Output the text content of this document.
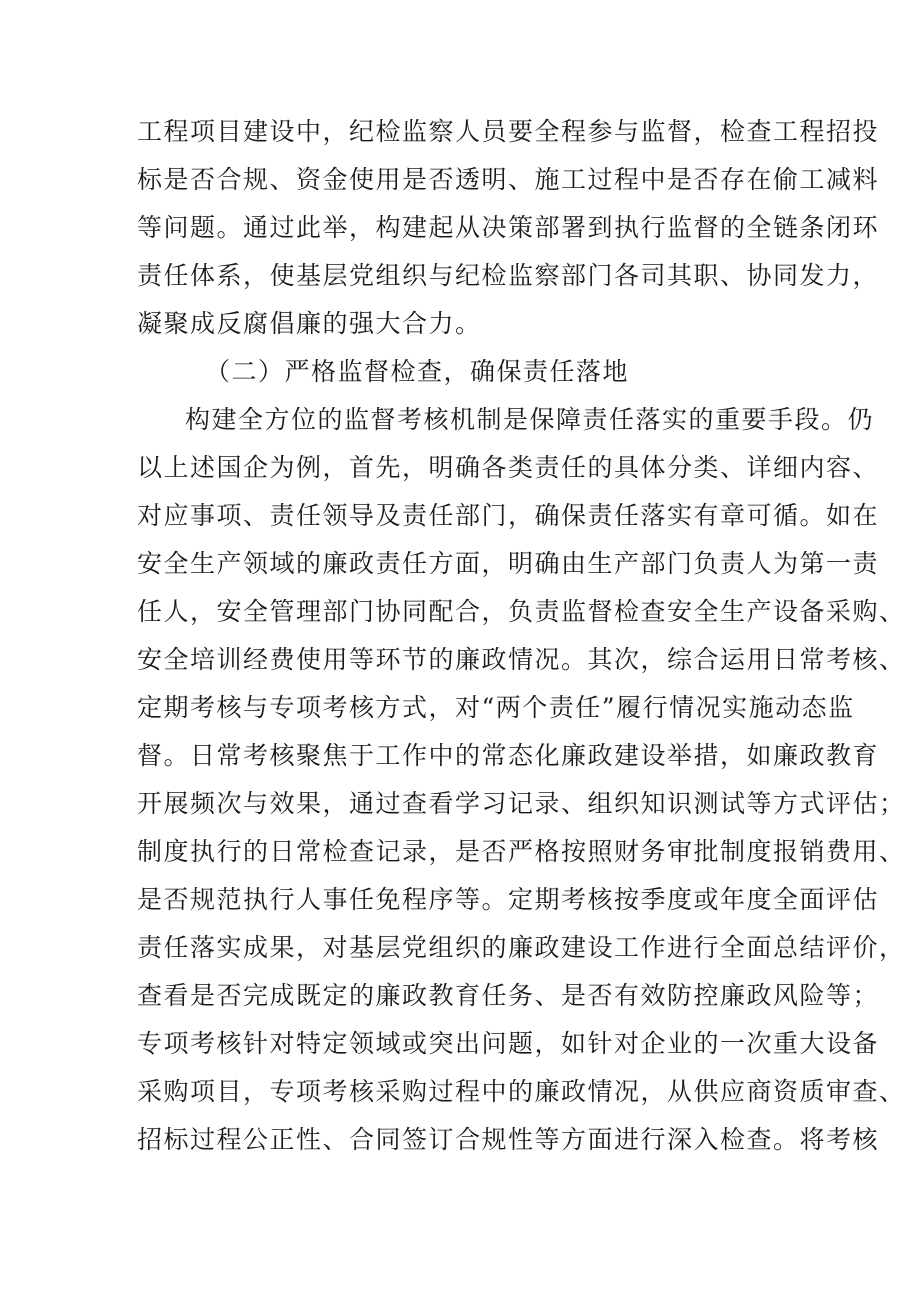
工程项目建设中，纪检监察人员要全程参与监督，检查工程招投
标是否合规、资金使用是否透明、施工过程中是否存在偷工减料
等问题。通过此举，构建起从决策部署到执行监督的全链条闭环
责任体系，使基层党组织与纪检监察部门各司其职、协同发力，
凝聚成反腐倡廉的强大合力。
（二）严格监督检查，确保责任落地
构建全方位的监督考核机制是保障责任落实的重要手段。仍
以上述国企为例，首先，明确各类责任的具体分类、详细内容、
对应事项、责任领导及责任部门，确保责任落实有章可循。如在
安全生产领域的廉政责任方面，明确由生产部门负责人为第一责
任人，安全管理部门协同配合，负责监督检查安全生产设备采购、
安全培训经费使用等环节的廉政情况。其次，综合运用日常考核、
定期考核与专项考核方式，对“两个责任”履行情况实施动态监
督。日常考核聚焦于工作中的常态化廉政建设举措，如廉政教育
开展频次与效果，通过查看学习记录、组织知识测试等方式评估；
制度执行的日常检查记录，是否严格按照财务审批制度报销费用、
是否规范执行人事任免程序等。定期考核按季度或年度全面评估
责任落实成果，对基层党组织的廉政建设工作进行全面总结评价，
查看是否完成既定的廉政教育任务、是否有效防控廉政风险等；
专项考核针对特定领域或突出问题，如针对企业的一次重大设备
采购项目，专项考核采购过程中的廉政情况，从供应商资质审查、
招标过程公正性、合同签订合规性等方面进行深入检查。将考核
